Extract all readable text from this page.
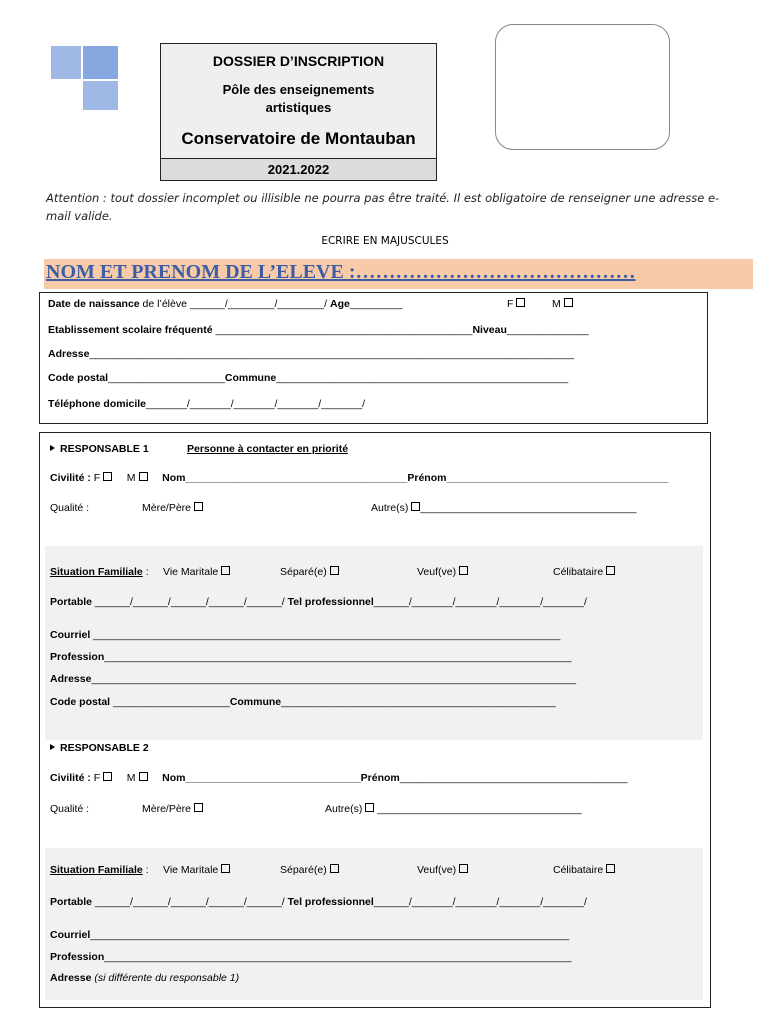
DOSSIER D’INSCRIPTION
Pôle des enseignements artistiques
Conservatoire de Montauban
2021.2022
Attention : tout dossier incomplet ou illisible ne pourra pas être traité. Il est obligatoire de renseigner une adresse e-mail valide.
ECRIRE EN MAJUSCULES
NOM ET PRENOM DE L’ELEVE :……………………………………
Date de naissance de l’élève ______/________/________/ Age_________	F	M
Etablissement scolaire fréquenté ____________________________________________Niveau______________
Adresse___________________________________________________________________________________
Code postal____________________Commune__________________________________________________
Téléphone domicile_______/_______/_______/_______/_______/
RESPONSABLE 1	Personne à contacter en priorité
Civilité : F	M	Nom______________________________________Prénom______________________________________
Qualité :	Mère/Père	Autre(s) _____________________________________
Situation Familiale : Vie Maritale	Séparé(e)	Veuf(ve)	Célibataire
Portable ______/______/______/______/______/ Tel professionnel______/_______/_______/_______/_______/
Courriel ________________________________________________________________________________
Profession________________________________________________________________________________
Adresse___________________________________________________________________________________
Code postal ____________________Commune_______________________________________________
RESPONSABLE 2
Civilité : F	M	Nom______________________________Prénom_______________________________________
Qualité :	Mère/Père	Autre(s) ___________________________________
Situation Familiale : Vie Maritale	Séparé(e)	Veuf(ve)	Célibataire
Portable ______/______/______/______/______/ Tel professionnel______/_______/_______/_______/_______/
Courriel__________________________________________________________________________________
Profession________________________________________________________________________________
Adresse (si différente du responsable 1)
